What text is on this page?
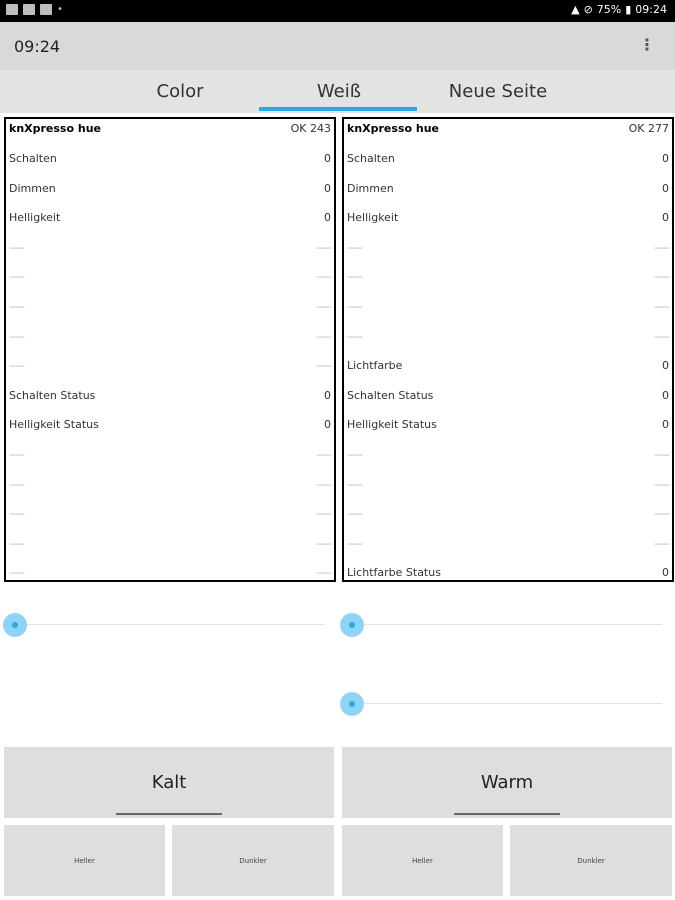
•	▲ ⊘ 75% ▮ 09:24
09:24	⋮
Color	Weiß	Neue Seite
knXpresso hue	OK 243
Schalten	0
Dimmen	0
Helligkeit	0
-----	-----
-----	-----
-----	-----
-----	-----
-----	-----
Schalten Status	0
Helligkeit Status	0
-----	-----
-----	-----
-----	-----
-----	-----
-----	-----
knXpresso hue	OK 277
Schalten	0
Dimmen	0
Helligkeit	0
-----	-----
-----	-----
-----	-----
-----	-----
Lichtfarbe	0
Schalten Status	0
Helligkeit Status	0
-----	-----
-----	-----
-----	-----
-----	-----
Lichtfarbe Status	0
Kalt	Warm
Heller	Dunkler	Heller	Dunkler
